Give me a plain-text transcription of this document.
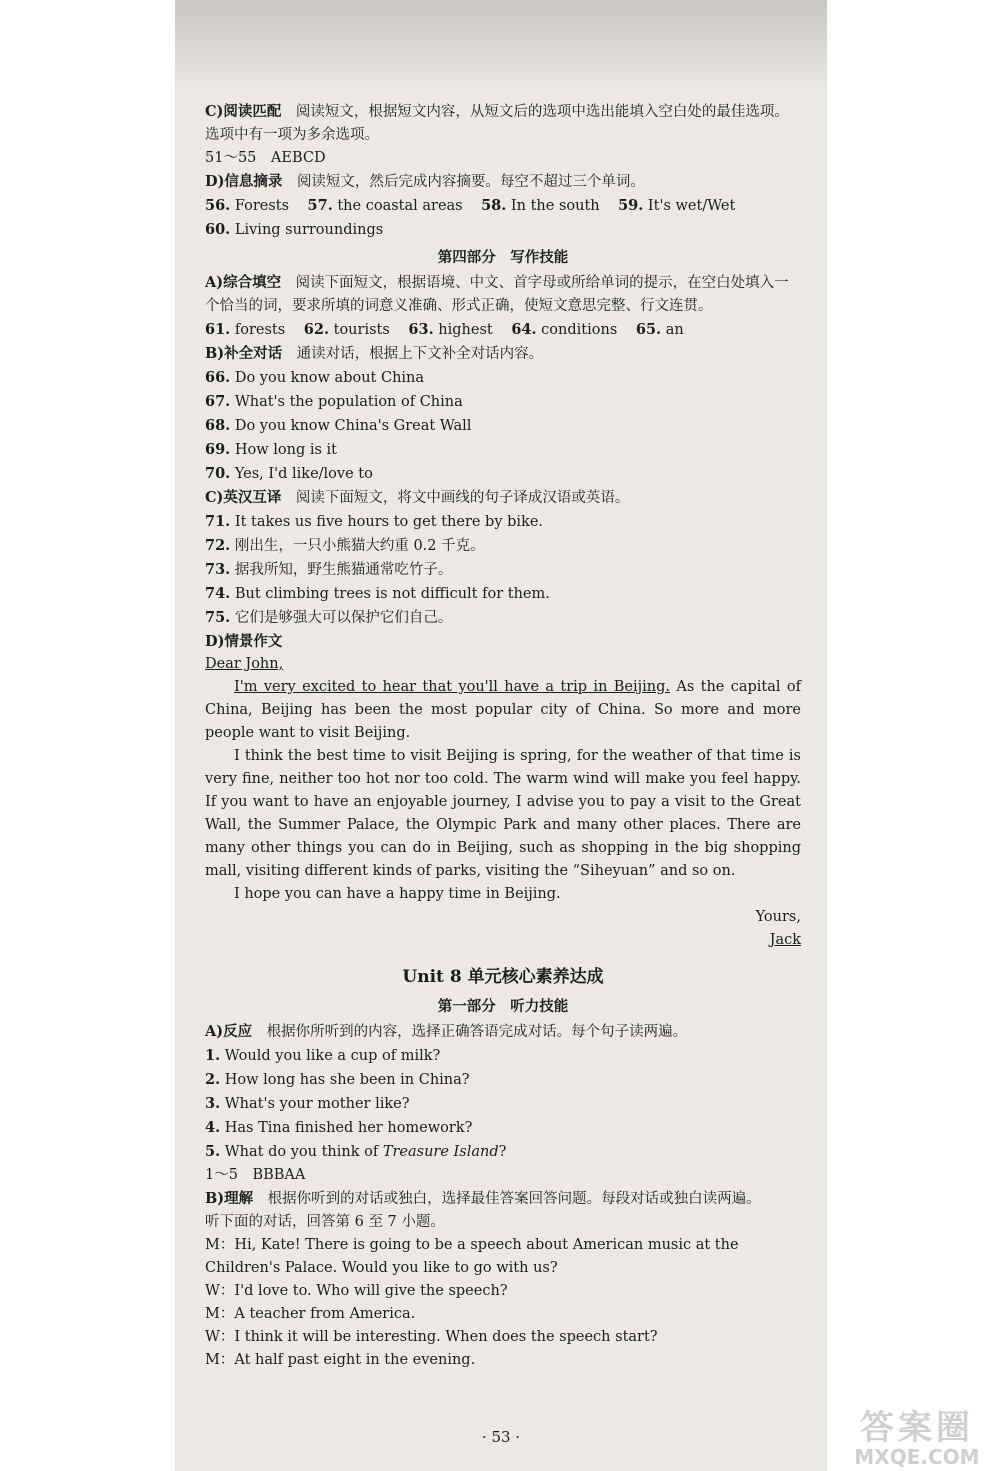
C)阅读匹配　 阅读短文，根据短文内容，从短文后的选项中选出能填入空白处的最佳选项。选项中有一项为多余选项。

51～55　AEBCD

D)信息摘录　 阅读短文，然后完成内容摘要。每空不超过三个单词。

56. Forests 57. the coastal areas 58. In the south 59. It's wet/Wet

60. Living surroundings

第四部分　写作技能

A)综合填空　 阅读下面短文，根据语境、中文、首字母或所给单词的提示，在空白处填入一个恰当的词，要求所填的词意义准确、形式正确，使短文意思完整、行文连贯。

61. forests 62. tourists 63. highest 64. conditions 65. an

B)补全对话　 通读对话，根据上下文补全对话内容。

66. Do you know about China

67. What's the population of China

68. Do you know China's Great Wall

69. How long is it

70. Yes, I'd like/love to

C)英汉互译　 阅读下面短文，将文中画线的句子译成汉语或英语。

71. It takes us five hours to get there by bike.

72. 刚出生，一只小熊猫大约重 0.2 千克。

73. 据我所知，野生熊猫通常吃竹子。

74. But climbing trees is not difficult for them.

75. 它们是够强大可以保护它们自己。

D)情景作文

Dear John,

I'm very excited to hear that you'll have a trip in Beijing. As the capital of China, Beijing has been the most popular city of China. So more and more people want to visit Beijing.

I think the best time to visit Beijing is spring, for the weather of that time is very fine, neither too hot nor too cold. The warm wind will make you feel happy. If you want to have an enjoyable journey, I advise you to pay a visit to the Great Wall, the Summer Palace, the Olympic Park and many other places. There are many other things you can do in Beijing, such as shopping in the big shopping mall, visiting different kinds of parks, visiting the “Siheyuan” and so on.

I hope you can have a happy time in Beijing.

Yours,

Jack

Unit 8 单元核心素养达成

第一部分　听力技能

A)反应　 根据你所听到的内容，选择正确答语完成对话。每个句子读两遍。

1. Would you like a cup of milk?

2. How long has she been in China?

3. What's your mother like?

4. Has Tina finished her homework?

5. What do you think of Treasure Island?

1～5　BBBAA

B)理解　 根据你听到的对话或独白，选择最佳答案回答问题。每段对话或独白读两遍。

听下面的对话，回答第 6 至 7 小题。

M：Hi, Kate! There is going to be a speech about American music at the Children's Palace. Would you like to go with us?

W：I'd love to. Who will give the speech?

M：A teacher from America.

W：I think it will be interesting. When does the speech start?

M：At half past eight in the evening.

· 53 ·	答案圈
MXQE.COM
